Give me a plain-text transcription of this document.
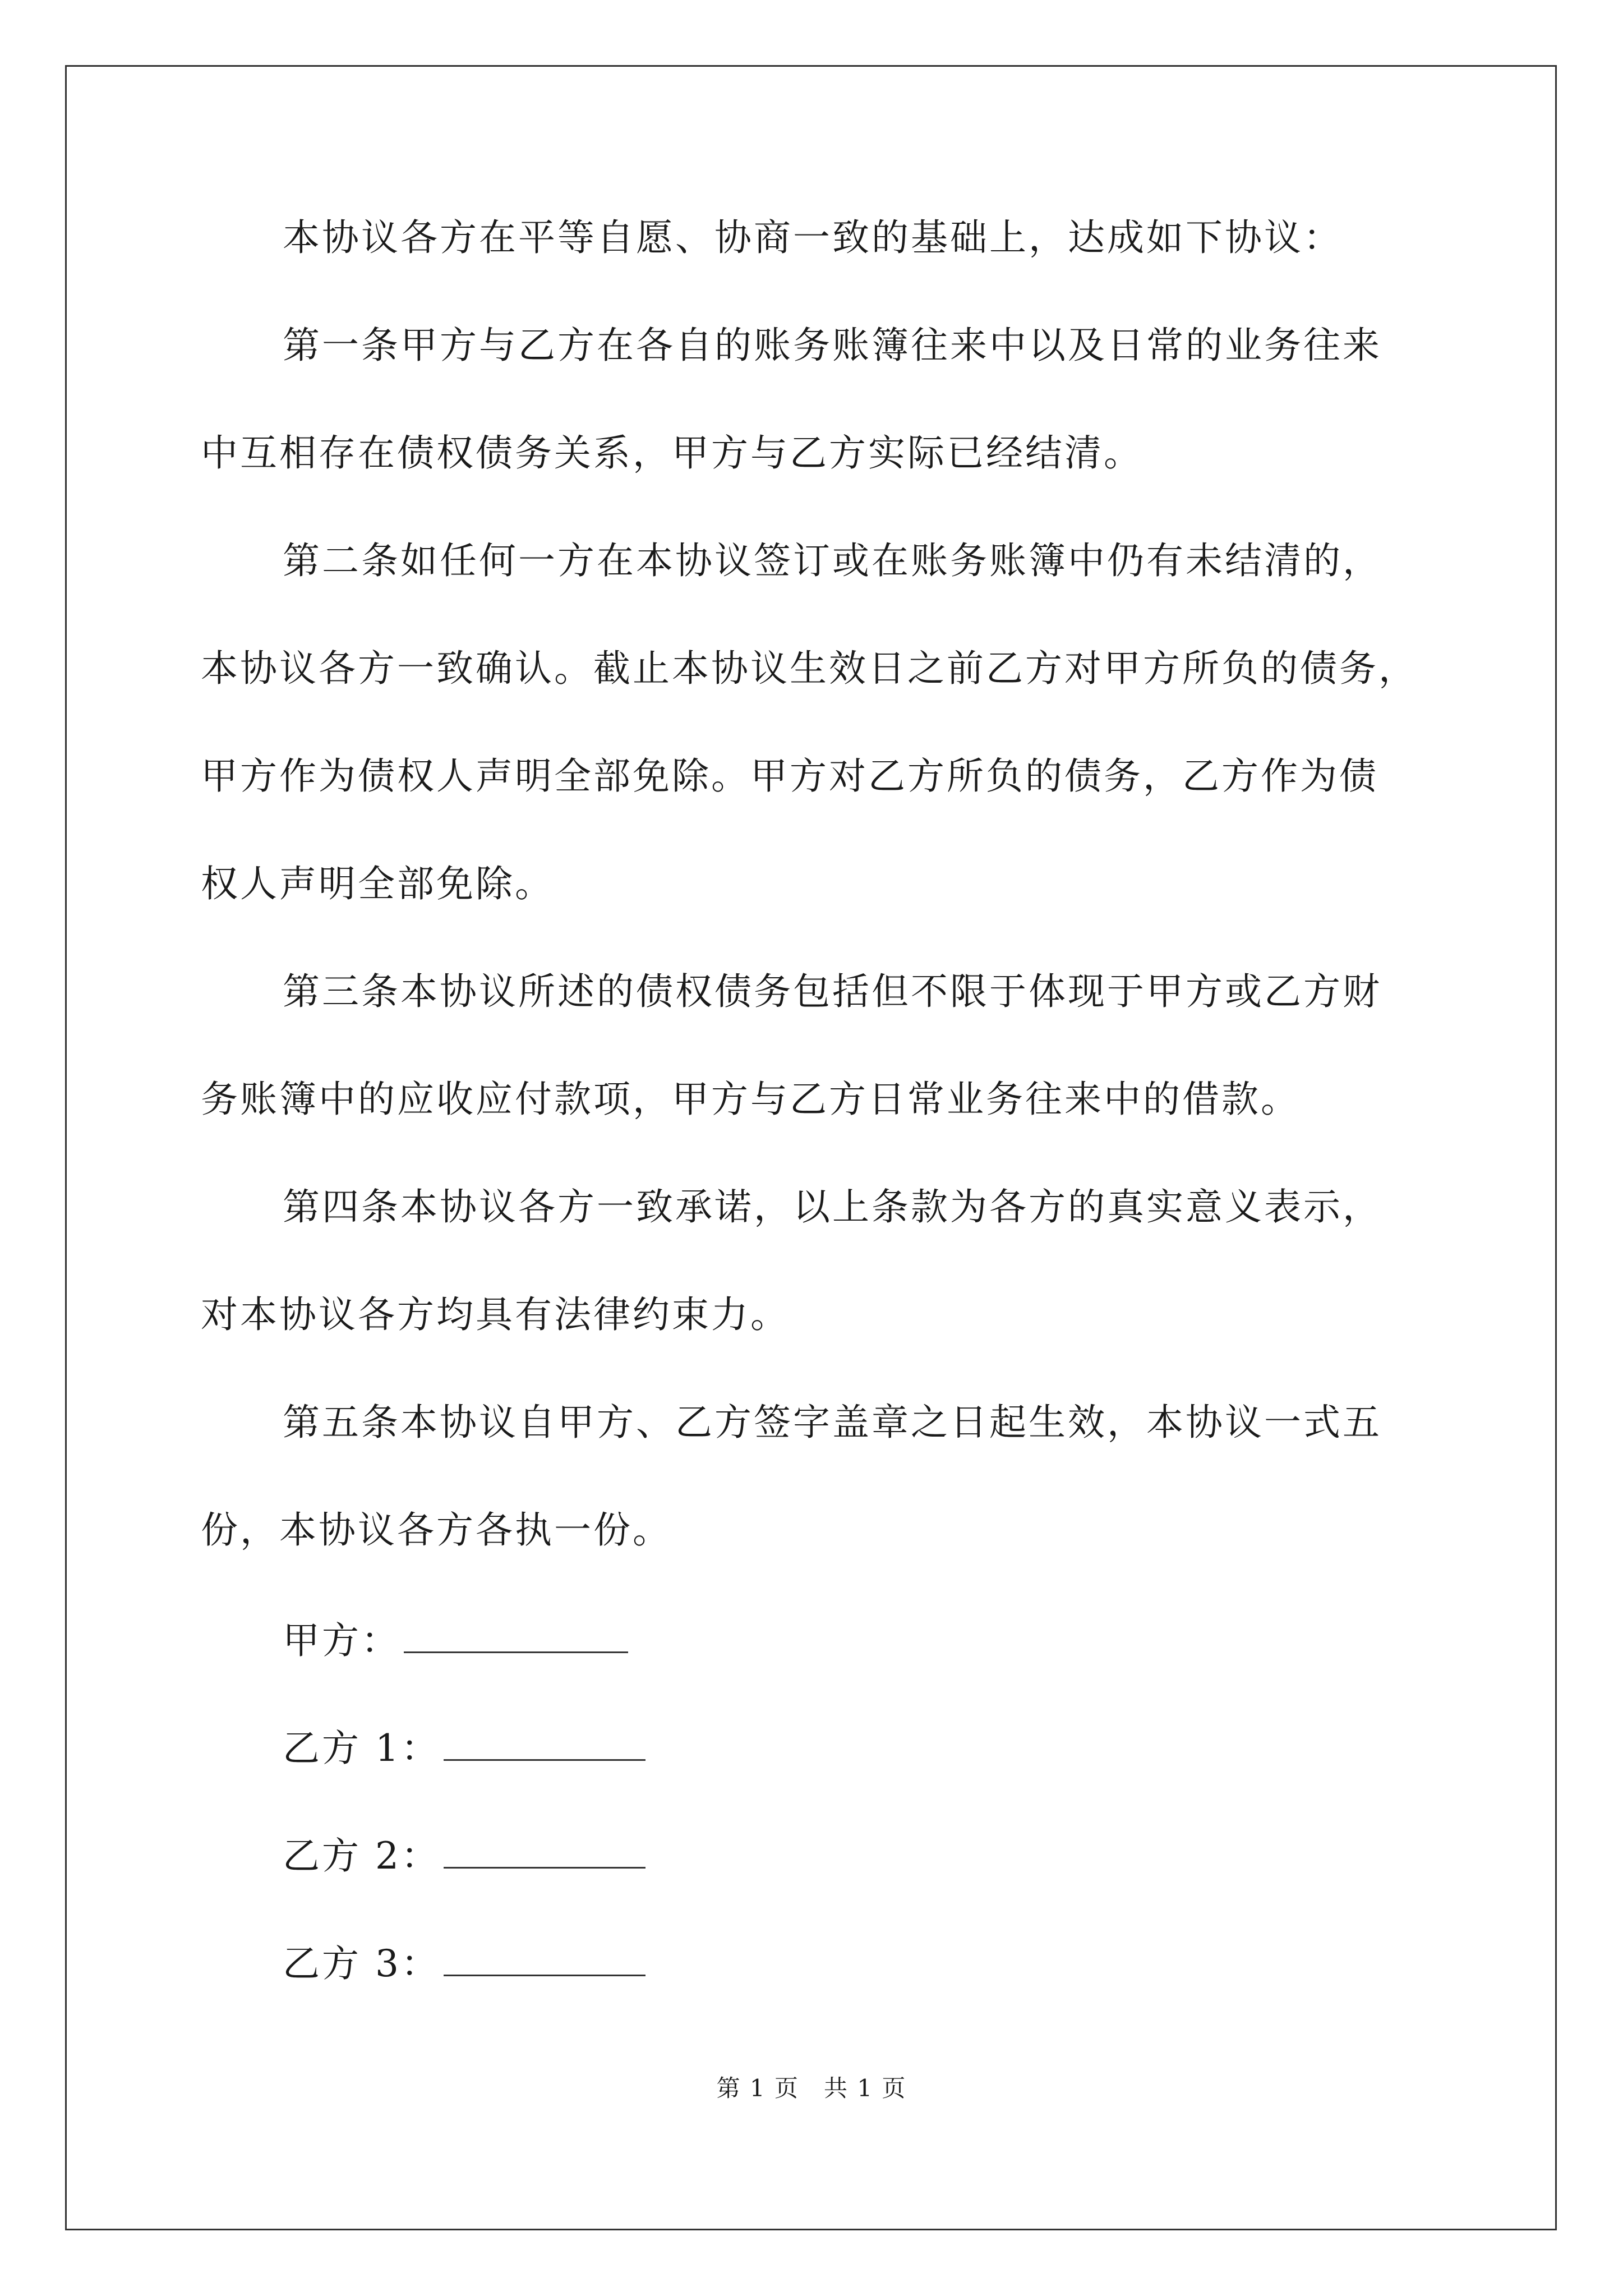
本协议各方在平等自愿、协商一致的基础上，达成如下协议：
第一条甲方与乙方在各自的账务账簿往来中以及日常的业务往来
中互相存在债权债务关系，甲方与乙方实际已经结清。
第二条如任何一方在本协议签订或在账务账簿中仍有未结清的，
本协议各方一致确认。截止本协议生效日之前乙方对甲方所负的债务，
甲方作为债权人声明全部免除。甲方对乙方所负的债务，乙方作为债
权人声明全部免除。
第三条本协议所述的债权债务包括但不限于体现于甲方或乙方财
务账簿中的应收应付款项，甲方与乙方日常业务往来中的借款。
第四条本协议各方一致承诺，以上条款为各方的真实意义表示，
对本协议各方均具有法律约束力。
第五条本协议自甲方、乙方签字盖章之日起生效，本协议一式五
份，本协议各方各执一份。
甲方：
乙方 1：
乙方 2：
乙方 3：
第 1 页　共 1 页
